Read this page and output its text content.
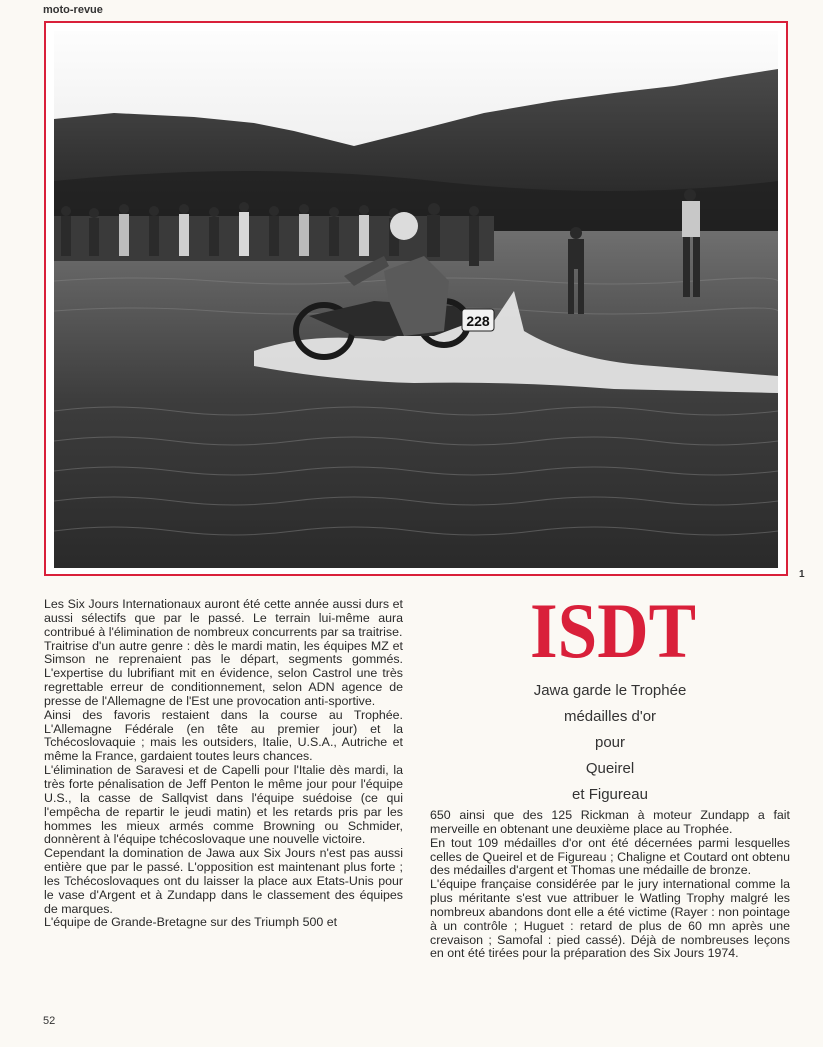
moto-revue
228
1

Les Six Jours Internationaux auront été cette année aussi durs et aussi sélectifs que par le passé. Le terrain lui-même aura contribué à l'élimination de nombreux concurrents par sa traitrise.

Traitrise d'un autre genre : dès le mardi matin, les équipes MZ et Simson ne reprenaient pas le départ, segments gommés. L'expertise du lubrifiant mit en évidence, selon Castrol une très regrettable erreur de conditionnement, selon ADN agence de presse de l'Allemagne de l'Est une provocation anti-sportive.

Ainsi des favoris restaient dans la course au Trophée. L'Allemagne Fédérale (en tête au premier jour) et la Tchécoslovaquie ; mais les outsiders, Italie, U.S.A., Autriche et même la France, gardaient toutes leurs chances.

L'élimination de Saravesi et de Capelli pour l'Italie dès mardi, la très forte pénalisation de Jeff Penton le même jour pour l'équipe U.S., la casse de Sallqvist dans l'équipe suédoise (ce qui l'empêcha de repartir le jeudi matin) et les retards pris par les hommes les mieux armés comme Browning ou Schmider, donnèrent à l'équipe tchécoslovaque une nouvelle victoire.

Cependant la domination de Jawa aux Six Jours n'est pas aussi entière que par le passé. L'opposition est maintenant plus forte ; les Tchécoslovaques ont du laisser la place aux Etats-Unis pour le vase d'Argent et à Zundapp dans le classement des équipes de marques.

L'équipe de Grande-Bretagne sur des Triumph 500 et

ISDT
Jawa garde le Trophée
médailles d'or
pour
Queirel
et Figureau

650 ainsi que des 125 Rickman à moteur Zundapp a fait merveille en obtenant une deuxième place au Trophée.

En tout 109 médailles d'or ont été décernées parmi lesquelles celles de Queirel et de Figureau ; Chaligne et Coutard ont obtenu des médailles d'argent et Thomas une médaille de bronze.

L'équipe française considérée par le jury international comme la plus méritante s'est vue attribuer le Watling Trophy malgré les nombreux abandons dont elle a été victime (Rayer : non pointage à un contrôle ; Huguet : retard de plus de 60 mn après une crevaison ; Samofal : pied cassé). Déjà de nombreuses leçons en ont été tirées pour la préparation des Six Jours 1974.

52
